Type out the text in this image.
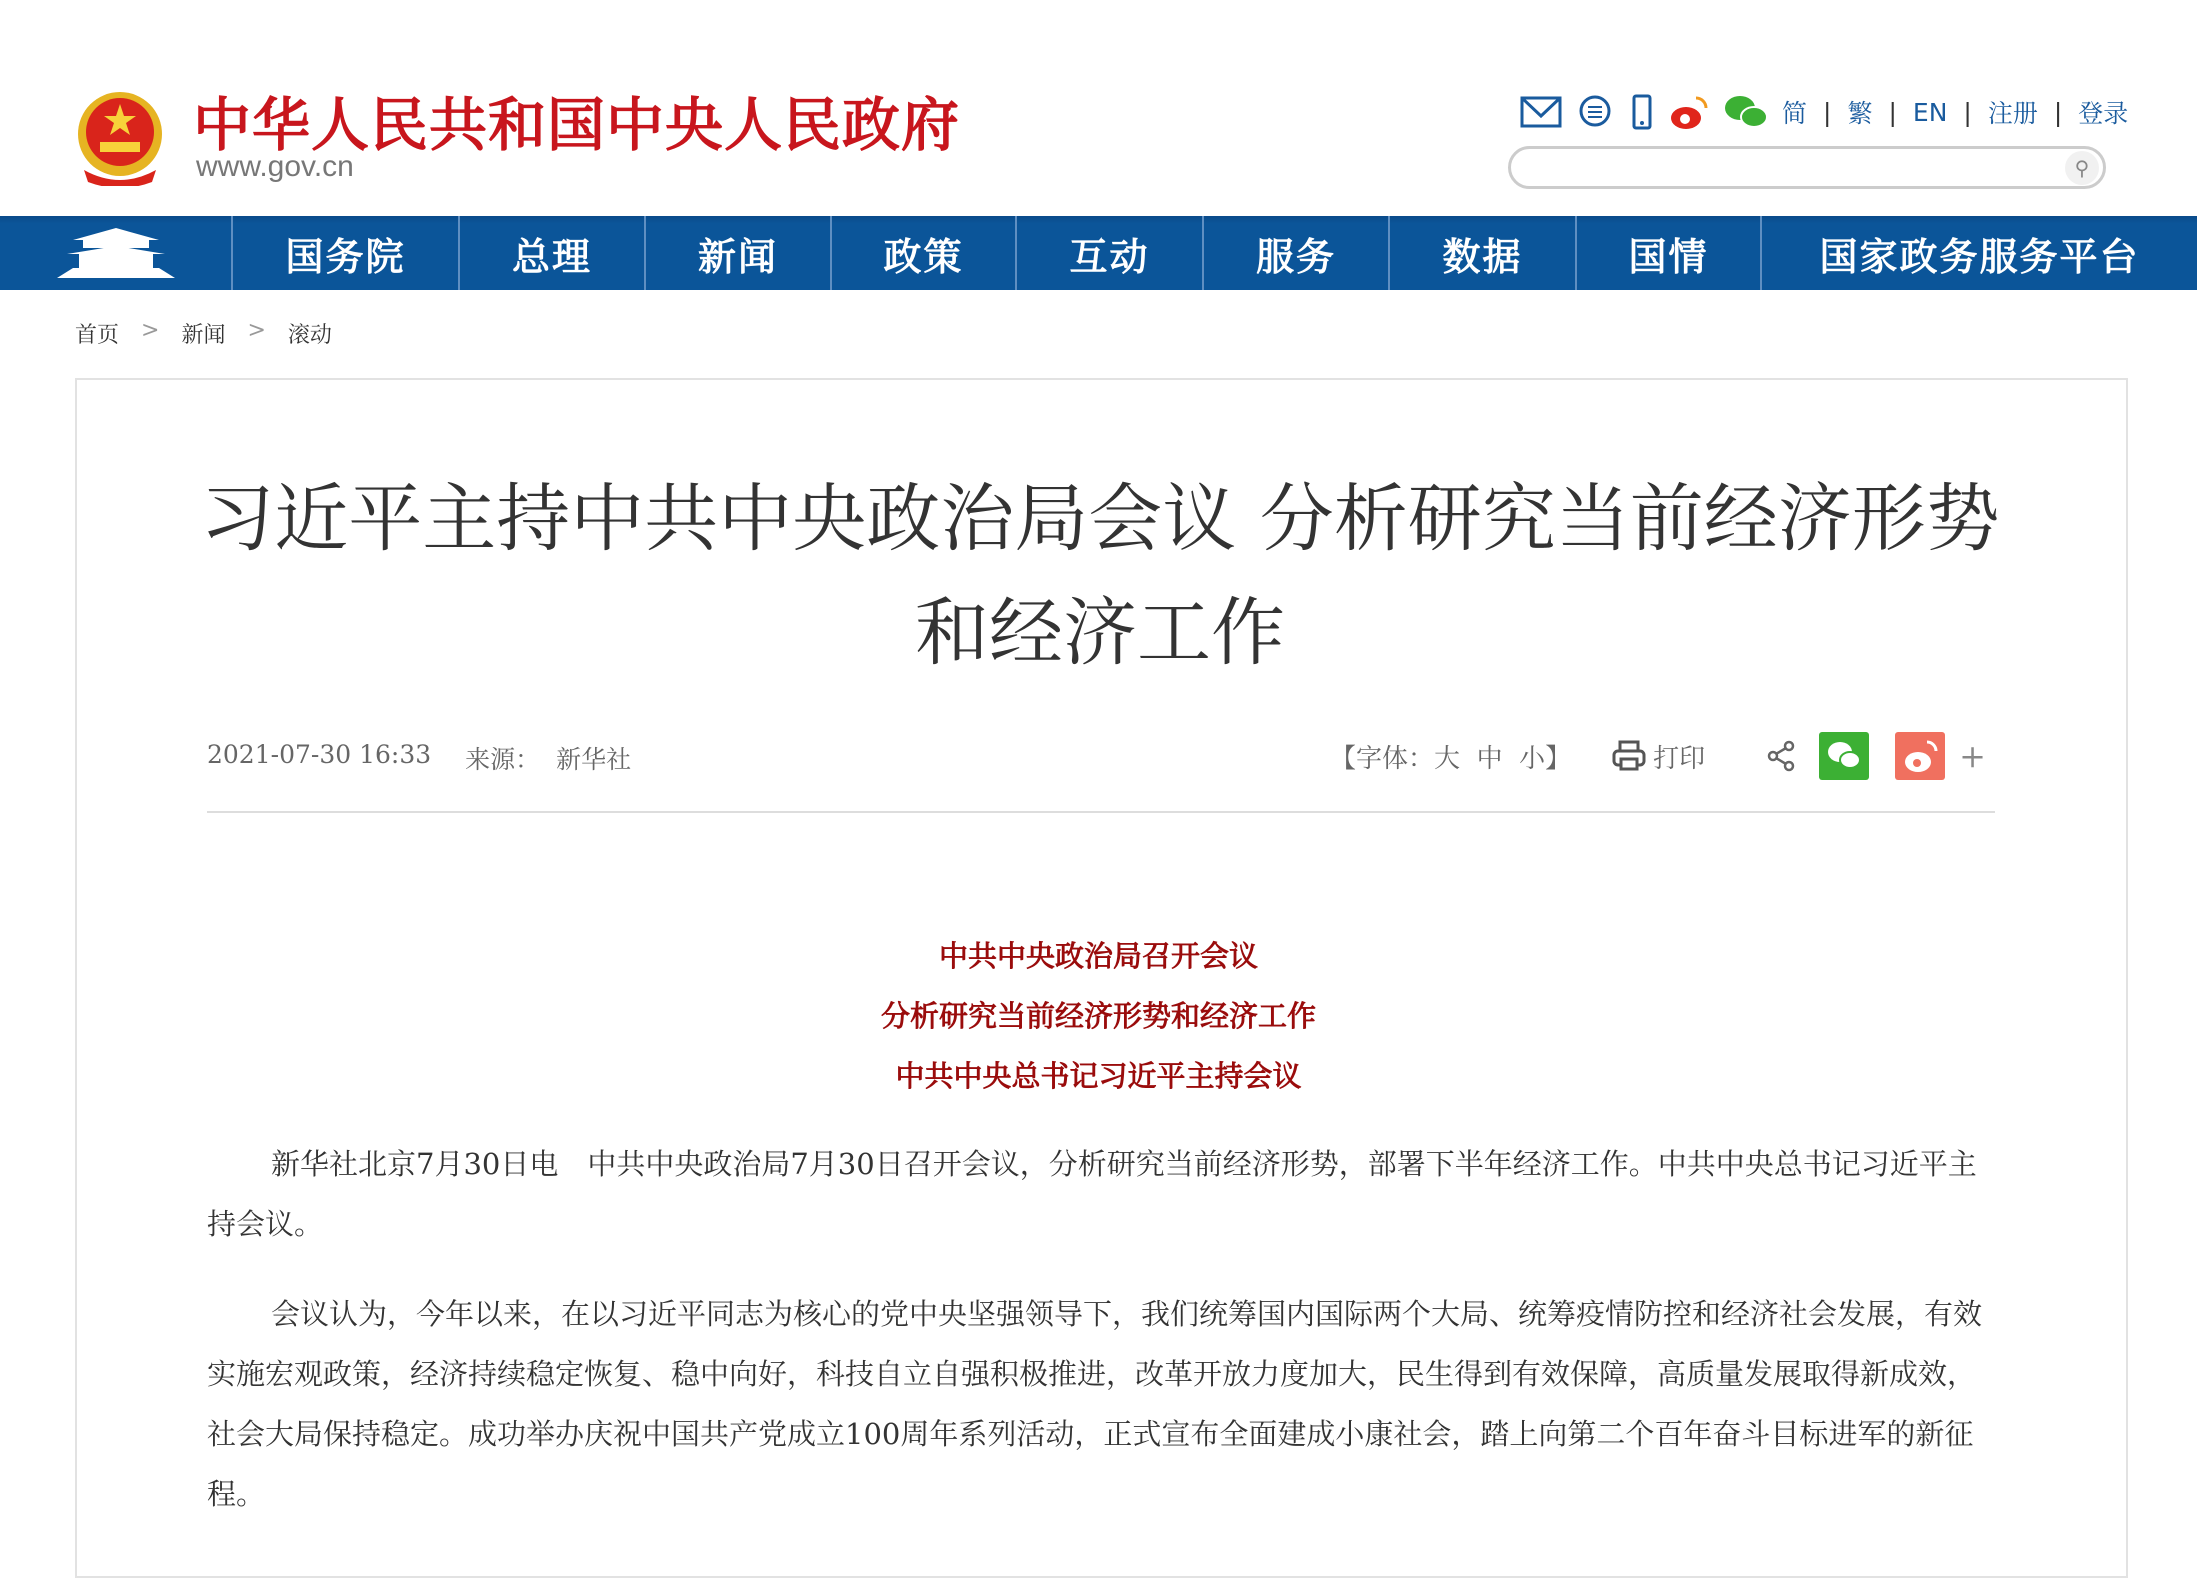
中华人民共和国中央人民政府
www.gov.cn
简 | 繁 | EN | 注册 | 登录
⚲
国务院	总理	新闻	政策	互动	服务	数据	国情	国家政务服务平台
首页 > 新闻 > 滚动
习近平主持中共中央政治局会议 分析研究当前经济形势和经济工作
2021-07-30 16:33 来源： 新华社	【字体： 大
中
小 】	打印	+
中共中央政治局召开会议
分析研究当前经济形势和经济工作
中共中央总书记习近平主持会议

新华社北京7月30日电　中共中央政治局7月30日召开会议，分析研究当前经济形势，部署下半年经济工作。中共中央总书记习近平主持会议。

会议认为，今年以来，在以习近平同志为核心的党中央坚强领导下，我们统筹国内国际两个大局、统筹疫情防控和经济社会发展，有效实施宏观政策，经济持续稳定恢复、稳中向好，科技自立自强积极推进，改革开放力度加大，民生得到有效保障，高质量发展取得新成效，社会大局保持稳定。成功举办庆祝中国共产党成立100周年系列活动，正式宣布全面建成小康社会，踏上向第二个百年奋斗目标进军的新征程。
